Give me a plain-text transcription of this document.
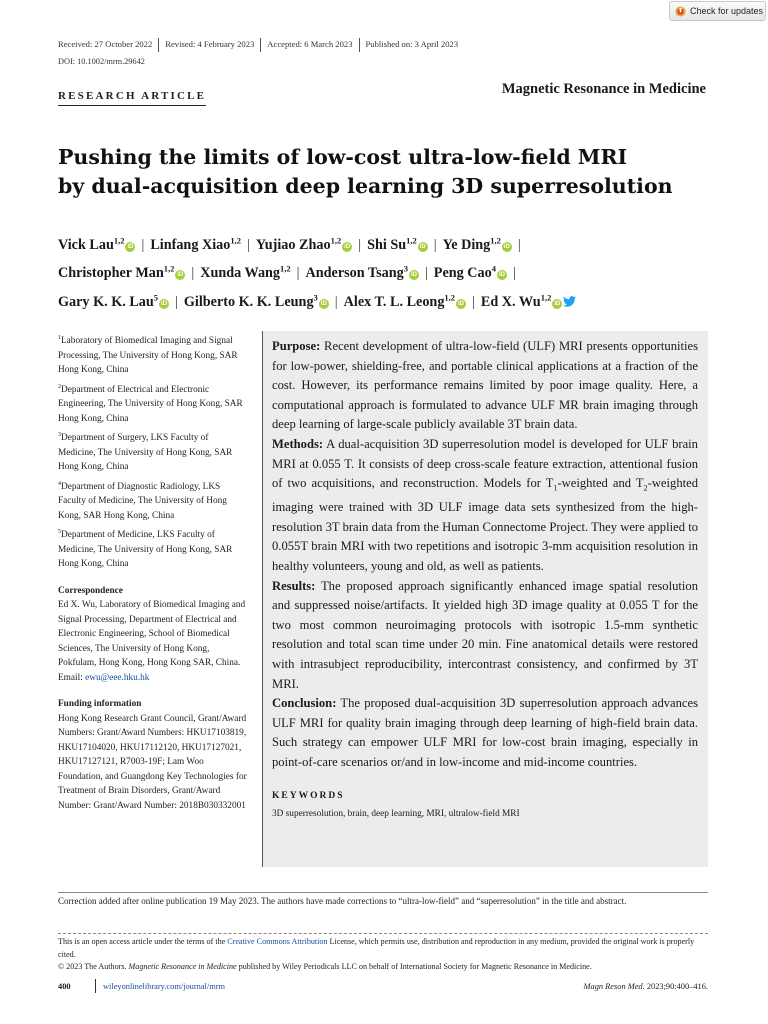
Check for updates
Received: 27 October 2022	Revised: 4 February 2023	Accepted: 6 March 2023	Published on: 3 April 2023
DOI: 10.1002/mrm.29642
RESEARCH ARTICLE	Magnetic Resonance in Medicine
Pushing the limits of low-cost ultra-low-field MRI
by dual-acquisition deep learning 3D superresolution
Vick Lau$^{1,2}$iD | Linfang Xiao$^{1,2}$ | Yujiao Zhao$^{1,2}$iD | Shi Su$^{1,2}$iD | Ye Ding$^{1,2}$iD |
Christopher Man$^{1,2}$iD | Xunda Wang$^{1,2}$ | Anderson Tsang$^3$iD | Peng Cao$^4$iD |
Gary K. K. Lau$^5$iD | Gilberto K. K. Leung$^3$iD | Alex T. L. Leong$^{1,2}$iD | Ed X. Wu$^{1,2}$iD
$^1$Laboratory of Biomedical Imaging and Signal Processing, The University of Hong Kong, SAR Hong Kong, China
$^2$Department of Electrical and Electronic Engineering, The University of Hong Kong, SAR Hong Kong, China
$^3$Department of Surgery, LKS Faculty of Medicine, The University of Hong Kong, SAR Hong Kong, China
$^4$Department of Diagnostic Radiology, LKS Faculty of Medicine, The University of Hong Kong, SAR Hong Kong, China
$^5$Department of Medicine, LKS Faculty of Medicine, The University of Hong Kong, SAR Hong Kong, China
Correspondence
Ed X. Wu, Laboratory of Biomedical Imaging and Signal Processing, Department of Electrical and Electronic Engineering, School of Biomedical Sciences, The University of Hong Kong, Pokfulam, Hong Kong, Hong Kong SAR, China.
Email: ewu@eee.hku.hk
Funding information
Hong Kong Research Grant Council, Grant/Award Numbers: Grant/Award Numbers: HKU17103819, HKU17104020, HKU17112120, HKU17127021, HKU17127121, R7003-19F; Lam Woo Foundation, and Guangdong Key Technologies for Treatment of Brain Disorders, Grant/Award Number: Grant/Award Number: 2018B030332001

Purpose: Recent development of ultra-low-field (ULF) MRI presents opportunities for low-power, shielding-free, and portable clinical applications at a fraction of the cost. However, its performance remains limited by poor image quality. Here, a computational approach is formulated to advance ULF MR brain imaging through deep learning of large-scale publicly available 3T brain data.

Methods: A dual-acquisition 3D superresolution model is developed for ULF brain MRI at 0.055 T. It consists of deep cross-scale feature extraction, attentional fusion of two acquisitions, and reconstruction. Models for $T_1$-weighted and $T_2$-weighted imaging were trained with 3D ULF image data sets synthesized from the high-resolution 3T brain data from the Human Connectome Project. They were applied to 0.055T brain MRI with two repetitions and isotropic 3-mm acquisition resolution in healthy volunteers, young and old, as well as patients.

Results: The proposed approach significantly enhanced image spatial resolution and suppressed noise/artifacts. It yielded high 3D image quality at 0.055 T for the two most common neuroimaging protocols with isotropic 1.5-mm synthetic resolution and total scan time under 20 min. Fine anatomical details were restored with intrasubject reproducibility, intercontrast consistency, and confirmed by 3T MRI.

Conclusion: The proposed dual-acquisition 3D superresolution approach advances ULF MRI for quality brain imaging through deep learning of high-field brain data. Such strategy can empower ULF MRI for low-cost brain imaging, especially in point-of-care scenarios or/and in low-income and mid-income countries.

KEYWORDS

3D superresolution, brain, deep learning, MRI, ultralow-field MRI

Correction added after online publication 19 May 2023. The authors have made corrections to “ultra-low-field” and “superresolution” in the title and abstract.
This is an open access article under the terms of the Creative Commons Attribution License, which permits use, distribution and reproduction in any medium, provided the original work is properly cited.
© 2023 The Authors. Magnetic Resonance in Medicine published by Wiley Periodicals LLC on behalf of International Society for Magnetic Resonance in Medicine.
400	wileyonlinelibrary.com/journal/mrm	Magn Reson Med. 2023;90:400–416.
